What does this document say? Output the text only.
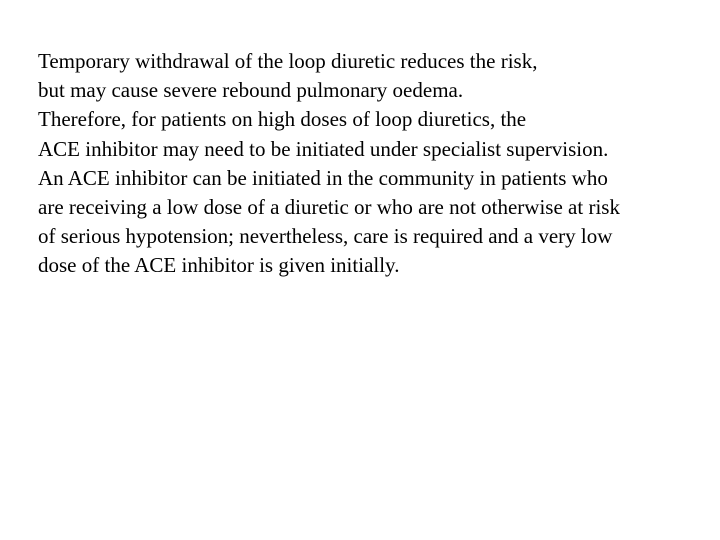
Temporary withdrawal of the loop diuretic reduces the risk,
but may cause severe rebound pulmonary oedema.
Therefore, for patients on high doses of loop diuretics, the
ACE inhibitor may need to be initiated under specialist supervision.
An ACE inhibitor can be initiated in the community in patients who
are receiving a low dose of a diuretic or who are not otherwise at risk
of serious hypotension; nevertheless, care is required and a very low
dose of the ACE inhibitor is given initially.
